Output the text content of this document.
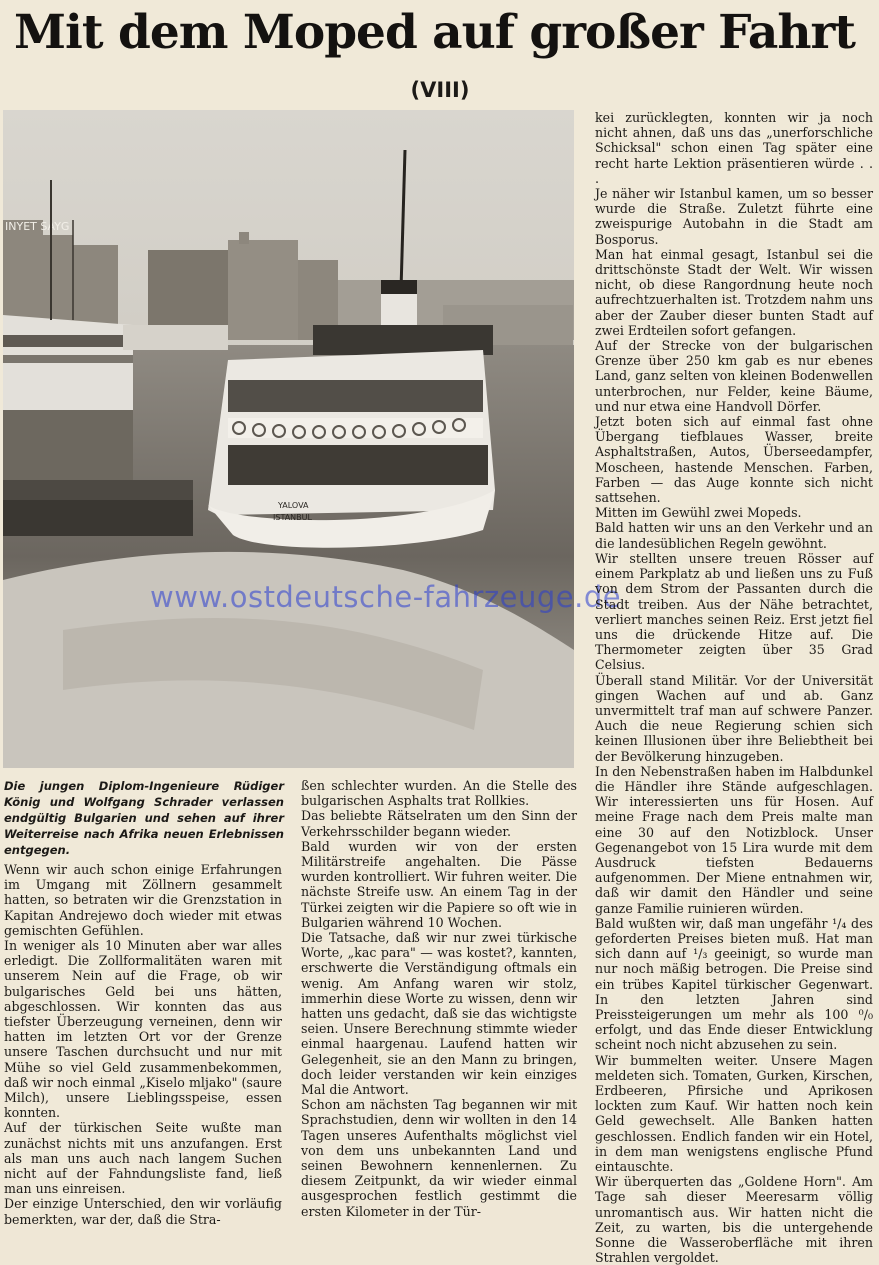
Mit dem Moped auf großer Fahrt
(VIII)
INYET SAYG
YALOVA
ISTANBUL
www.ostdeutsche-fahrzeuge.de
Die jungen Diplom-Ingenieure Rüdiger König und Wolfgang Schrader verlassen endgültig Bulgarien und sehen auf ihrer Weiterreise nach Afrika neuen Erlebnissen entgegen.

Wenn wir auch schon einige Erfahrungen im Umgang mit Zöllnern gesammelt hatten, so betraten wir die Grenzstation in Kapitan Andrejewo doch wieder mit etwas gemischten Gefühlen.

In weniger als 10 Minuten aber war alles erledigt. Die Zollformalitäten waren mit unserem Nein auf die Frage, ob wir bulgarisches Geld bei uns hätten, abgeschlossen. Wir konnten das aus tiefster Überzeugung verneinen, denn wir hatten im letzten Ort vor der Grenze unsere Taschen durchsucht und nur mit Mühe so viel Geld zusammenbekommen, daß wir noch einmal „Kiselo mljako" (saure Milch), unsere Lieblingsspeise, essen konnten.

Auf der türkischen Seite wußte man zunächst nichts mit uns anzufangen. Erst als man uns auch nach langem Suchen nicht auf der Fahndungsliste fand, ließ man uns einreisen.

Der einzige Unterschied, den wir vorläufig bemerkten, war der, daß die Stra-

ßen schlechter wurden. An die Stelle des bulgarischen Asphalts trat Rollkies.

Das beliebte Rätselraten um den Sinn der Verkehrsschilder begann wieder.

Bald wurden wir von der ersten Militärstreife angehalten. Die Pässe wurden kontrolliert. Wir fuhren weiter. Die nächste Streife usw. An einem Tag in der Türkei zeigten wir die Papiere so oft wie in Bulgarien während 10 Wochen.

Die Tatsache, daß wir nur zwei türkische Worte, „kac para" — was kostet?, kannten, erschwerte die Verständigung oftmals ein wenig. Am Anfang waren wir stolz, immerhin diese Worte zu wissen, denn wir hatten uns gedacht, daß sie das wichtigste seien. Unsere Berechnung stimmte wieder einmal haargenau. Laufend hatten wir Gelegenheit, sie an den Mann zu bringen, doch leider verstanden wir kein einziges Mal die Antwort.

Schon am nächsten Tag begannen wir mit Sprachstudien, denn wir wollten in den 14 Tagen unseres Aufenthalts möglichst viel von dem uns unbekannten Land und seinen Bewohnern kennenlernen. Zu diesem Zeitpunkt, da wir wieder einmal ausgesprochen festlich gestimmt die ersten Kilometer in der Tür-

kei zurücklegten, konnten wir ja noch nicht ahnen, daß uns das „unerforschliche Schicksal" schon einen Tag später eine recht harte Lektion präsentieren würde . . .

Je näher wir Istanbul kamen, um so besser wurde die Straße. Zuletzt führte eine zweispurige Autobahn in die Stadt am Bosporus.

Man hat einmal gesagt, Istanbul sei die drittschönste Stadt der Welt. Wir wissen nicht, ob diese Rangordnung heute noch aufrechtzuerhalten ist. Trotzdem nahm uns aber der Zauber dieser bunten Stadt auf zwei Erdteilen sofort gefangen.

Auf der Strecke von der bulgarischen Grenze über 250 km gab es nur ebenes Land, ganz selten von kleinen Bodenwellen unterbrochen, nur Felder, keine Bäume, und nur etwa eine Handvoll Dörfer.

Jetzt boten sich auf einmal fast ohne Übergang tiefblaues Wasser, breite Asphaltstraßen, Autos, Überseedampfer, Moscheen, hastende Menschen. Farben, Farben — das Auge konnte sich nicht sattsehen.

Mitten im Gewühl zwei Mopeds.

Bald hatten wir uns an den Verkehr und an die landesüblichen Regeln gewöhnt.

Wir stellten unsere treuen Rösser auf einem Parkplatz ab und ließen uns zu Fuß von dem Strom der Passanten durch die Stadt treiben. Aus der Nähe betrachtet, verliert manches seinen Reiz. Erst jetzt fiel uns die drückende Hitze auf. Die Thermometer zeigten über 35 Grad Celsius.

Überall stand Militär. Vor der Universität gingen Wachen auf und ab. Ganz unvermittelt traf man auf schwere Panzer. Auch die neue Regierung schien sich keinen Illusionen über ihre Beliebtheit bei der Bevölkerung hinzugeben.

In den Nebenstraßen haben im Halbdunkel die Händler ihre Stände aufgeschlagen. Wir interessierten uns für Hosen. Auf meine Frage nach dem Preis malte man eine 30 auf den Notizblock. Unser Gegenangebot von 15 Lira wurde mit dem Ausdruck tiefsten Bedauerns aufgenommen. Der Miene entnahmen wir, daß wir damit den Händler und seine ganze Familie ruinieren würden.

Bald wußten wir, daß man ungefähr ¹/₄ des geforderten Preises bieten muß. Hat man sich dann auf ¹/₃ geeinigt, so wurde man nur noch mäßig betrogen. Die Preise sind ein trübes Kapitel türkischer Gegenwart. In den letzten Jahren sind Preissteigerungen um mehr als 100 ⁰/₀ erfolgt, und das Ende dieser Entwicklung scheint noch nicht abzusehen zu sein.

Wir bummelten weiter. Unsere Magen meldeten sich. Tomaten, Gurken, Kirschen, Erdbeeren, Pfirsiche und Aprikosen lockten zum Kauf. Wir hatten noch kein Geld gewechselt. Alle Banken hatten geschlossen. Endlich fanden wir ein Hotel, in dem man wenigstens englische Pfund eintauschte.

Wir überquerten das „Goldene Horn". Am Tage sah dieser Meeresarm völlig unromantisch aus. Wir hatten nicht die Zeit, zu warten, bis die untergehende Sonne die Wasseroberfläche mit ihren Strahlen vergoldet.
